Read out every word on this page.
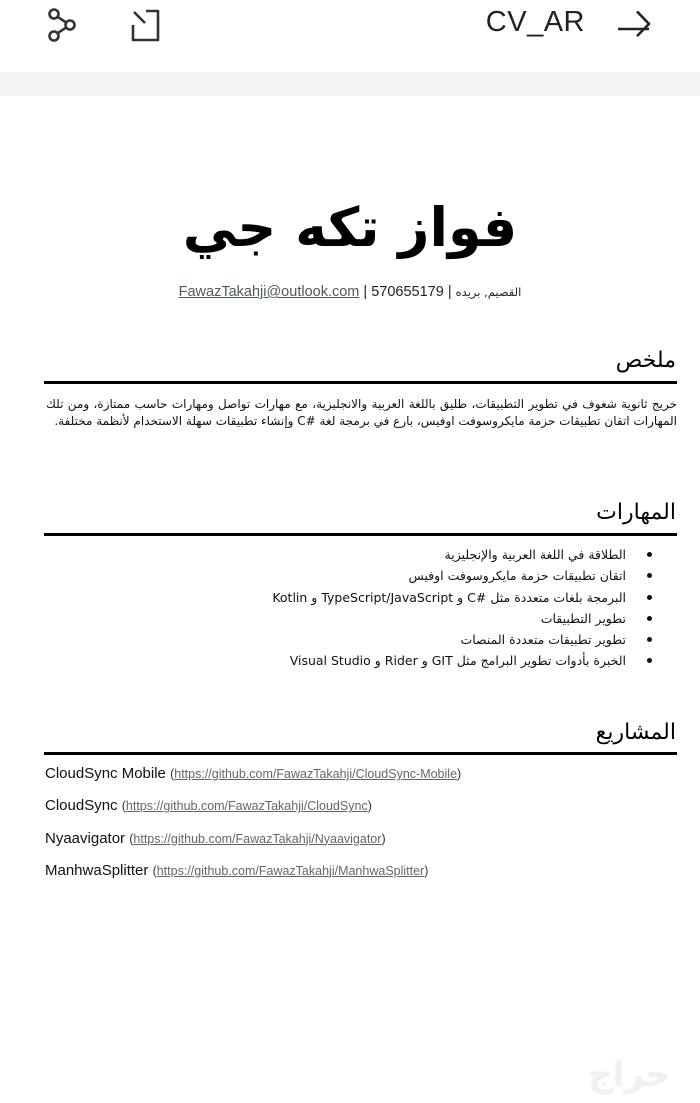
CV_AR
فواز تكه جي
FawazTakahji@outlook.com | 570655179 | القصيم, بريده
ملخص
خريج ثانوية شغوف في تطوير التطبيقات، طليق باللغة العربية والانجليزية، مع مهارات تواصل ومهارات حاسب ممتازة، ومن تلك المهارات اتقان تطبيقات حزمة مايكروسوفت اوفيس، بارع في برمجة لغة #C وإنشاء تطبيقات سهلة الاستخدام لأنظمة مختلفة.
المهارات
الطلاقة في اللغة العربية والإنجليزية
اتقان تطبيقات حزمة مايكروسوفت اوفيس
البرمجة بلغات متعددة مثل #C و TypeScript/JavaScript و Kotlin
تطوير التطبيقات
تطوير تطبيقات متعددة المنصات
الخبرة بأدوات تطوير البرامج مثل GIT و Rider و Visual Studio
المشاريع
CloudSync Mobile (https://github.com/FawazTakahji/CloudSync-Mobile)
CloudSync (https://github.com/FawazTakahji/CloudSync)
Nyaavigator (https://github.com/FawazTakahji/Nyaavigator)
ManhwaSplitter (https://github.com/FawazTakahji/ManhwaSplitter)
حراج
